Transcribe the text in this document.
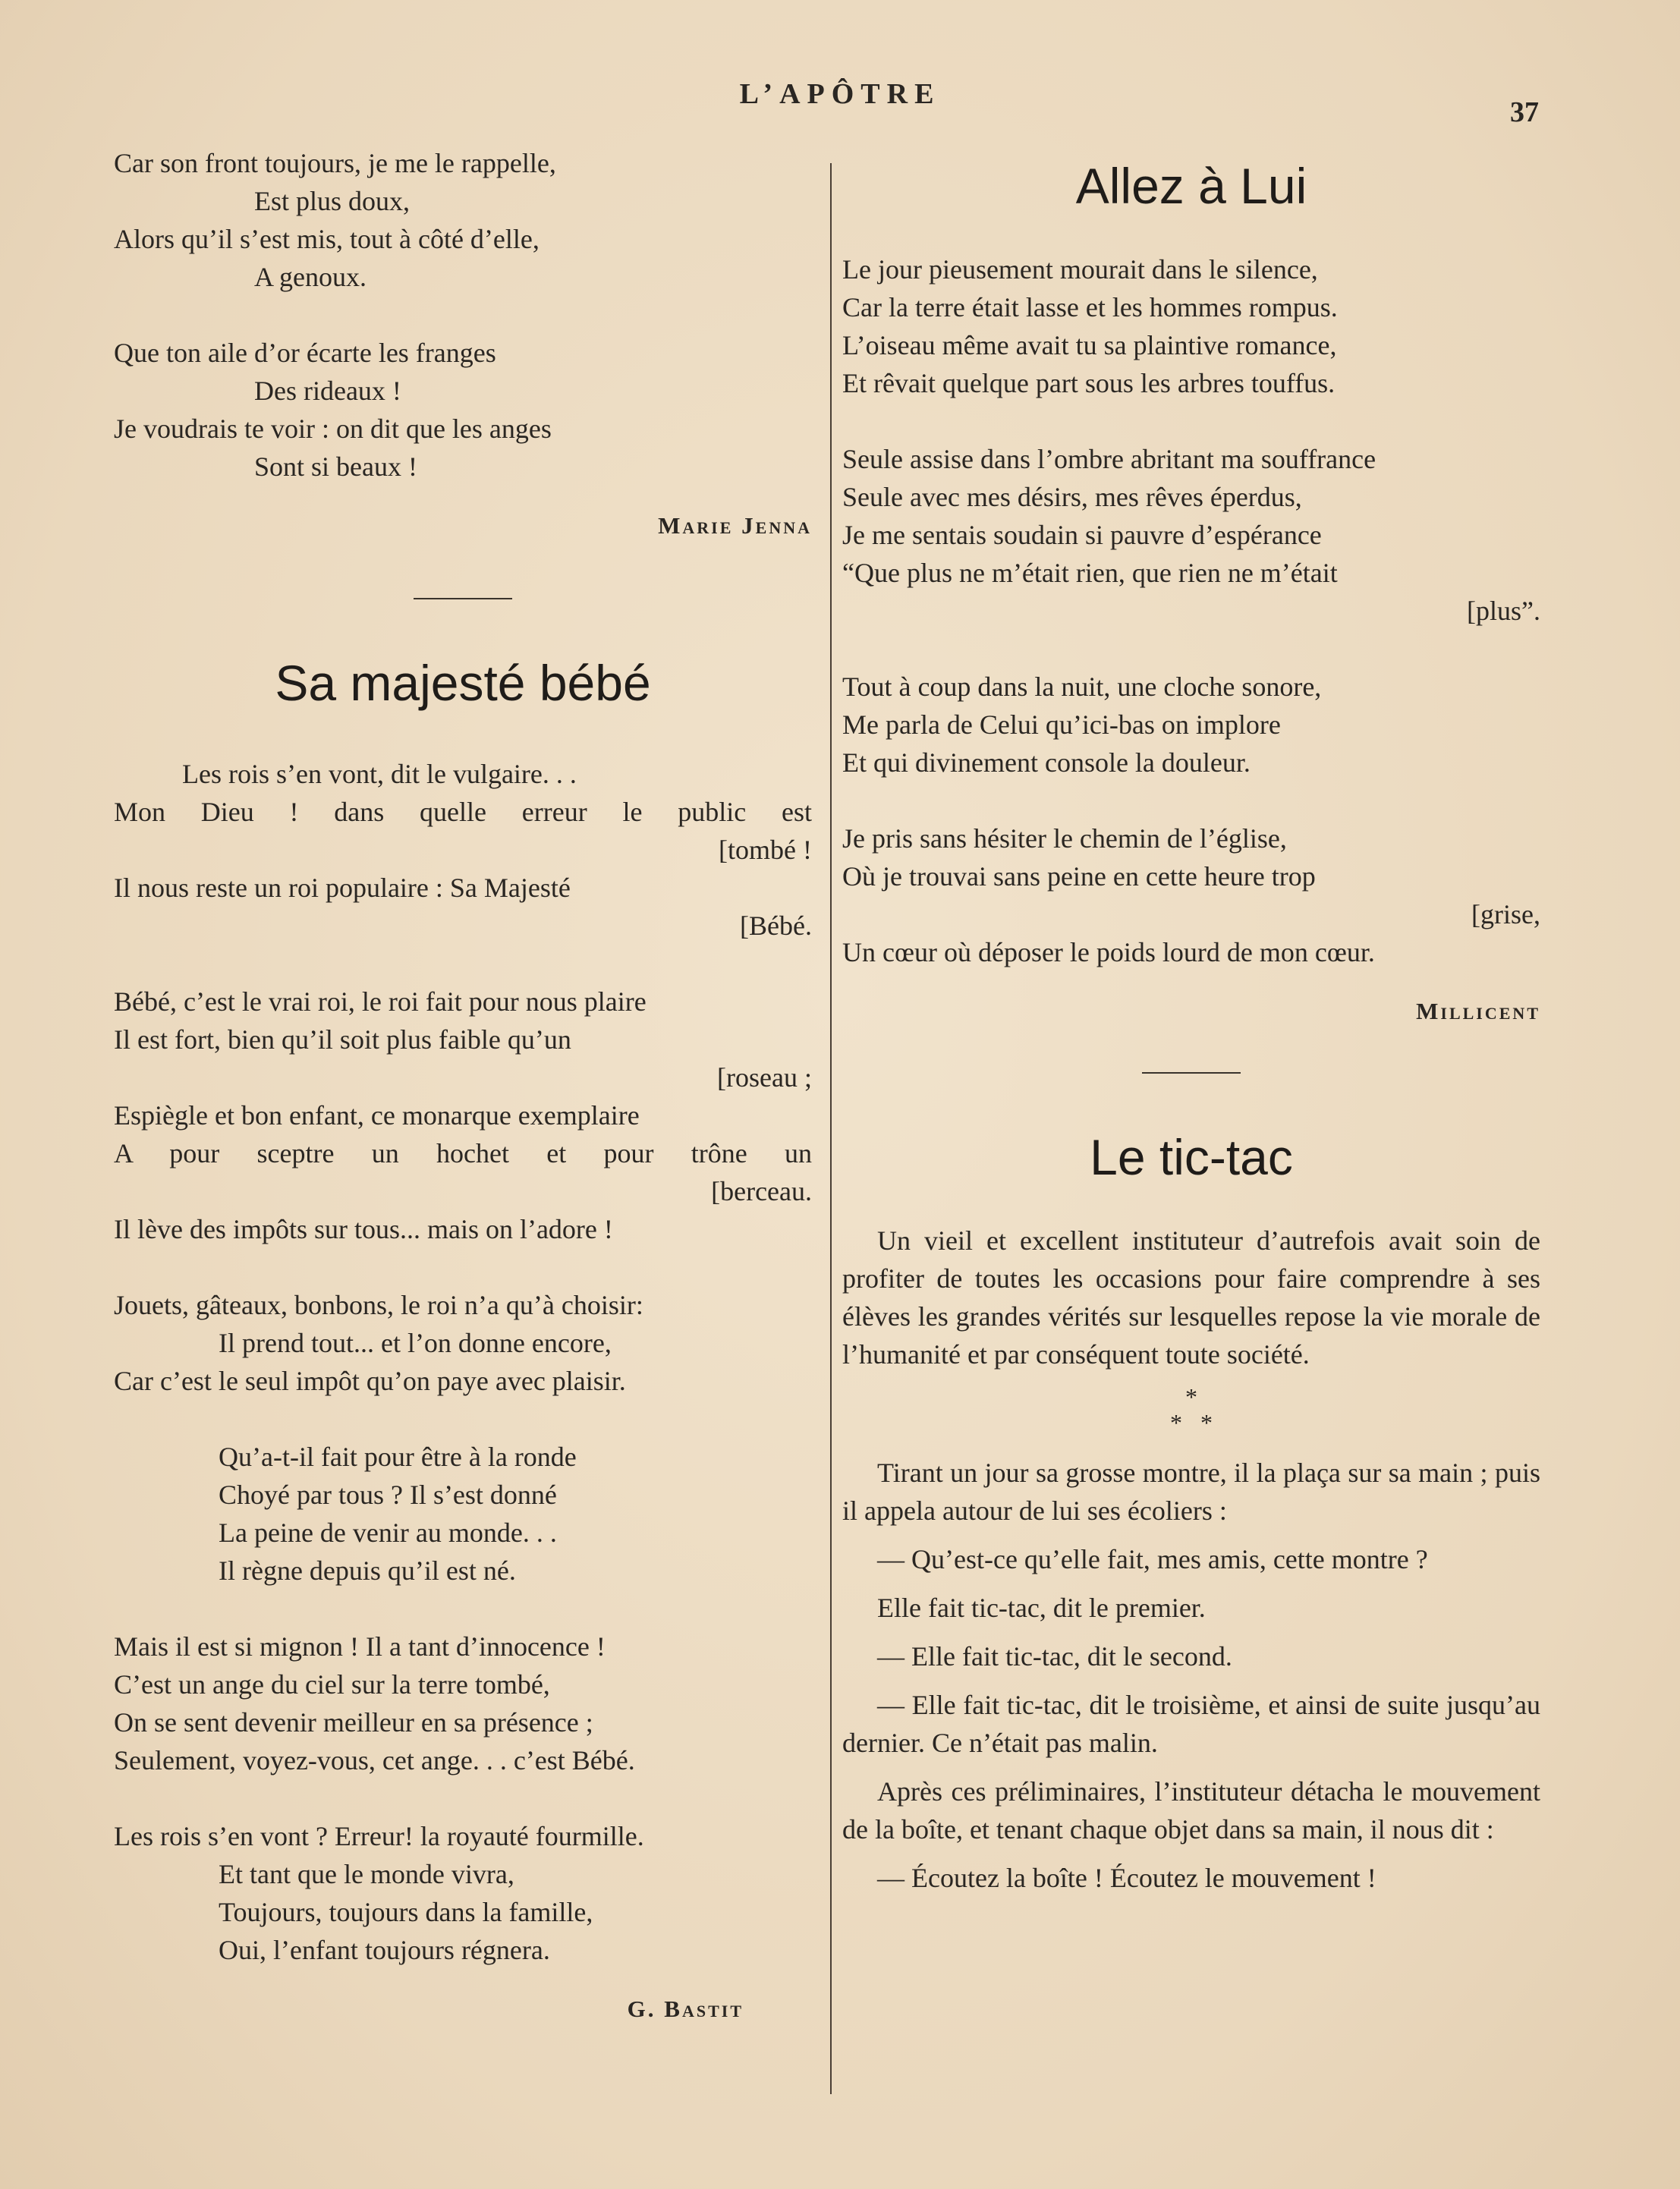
L’APÔTRE
37
Car son front toujours, je me le rappelle,
Est plus doux,
Alors qu’il s’est mis, tout à côté d’elle,
A genoux.
Que ton aile d’or écarte les franges
Des rideaux !
Je voudrais te voir : on dit que les anges
Sont si beaux !
Marie Jenna
Sa majesté bébé
Les rois s’en vont, dit le vulgaire. . .
Mon Dieu ! dans quelle erreur le public est
[tombé !
Il nous reste un roi populaire : Sa Majesté
[Bébé.
Bébé, c’est le vrai roi, le roi fait pour nous plaire
Il est fort, bien qu’il soit plus faible qu’un
[roseau ;
Espiègle et bon enfant, ce monarque exemplaire
A pour sceptre un hochet et pour trône un
[berceau.
Il lève des impôts sur tous... mais on l’adore !
Jouets, gâteaux, bonbons, le roi n’a qu’à choisir:
Il prend tout... et l’on donne encore,
Car c’est le seul impôt qu’on paye avec plaisir.
Qu’a-t-il fait pour être à la ronde
Choyé par tous ? Il s’est donné
La peine de venir au monde. . .
Il règne depuis qu’il est né.
Mais il est si mignon ! Il a tant d’innocence !
C’est un ange du ciel sur la terre tombé,
On se sent devenir meilleur en sa présence ;
Seulement, voyez-vous, cet ange. . . c’est Bébé.
Les rois s’en vont ? Erreur! la royauté fourmille.
Et tant que le monde vivra,
Toujours, toujours dans la famille,
Oui, l’enfant toujours régnera.
G. Bastit
Allez à Lui
Le jour pieusement mourait dans le silence,
Car la terre était lasse et les hommes rompus.
L’oiseau même avait tu sa plaintive romance,
Et rêvait quelque part sous les arbres touffus.
Seule assise dans l’ombre abritant ma souffrance
Seule avec mes désirs, mes rêves éperdus,
Je me sentais soudain si pauvre d’espérance
“Que plus ne m’était rien, que rien ne m’était
[plus”.
Tout à coup dans la nuit, une cloche sonore,
Me parla de Celui qu’ici-bas on implore
Et qui divinement console la douleur.
Je pris sans hésiter le chemin de l’église,
Où je trouvai sans peine en cette heure trop
[grise,
Un cœur où déposer le poids lourd de mon cœur.
Millicent
Le tic-tac

Un vieil et excellent instituteur d’autrefois avait soin de profiter de toutes les occasions pour faire comprendre à ses élèves les grandes vérités sur lesquelles repose la vie morale de l’humanité et par conséquent toute société.

*
*   *

Tirant un jour sa grosse montre, il la plaça sur sa main ; puis il appela autour de lui ses écoliers :

— Qu’est-ce qu’elle fait, mes amis, cette montre ?

Elle fait tic-tac, dit le premier.

— Elle fait tic-tac, dit le second.

— Elle fait tic-tac, dit le troisième, et ainsi de suite jusqu’au dernier. Ce n’était pas malin.

Après ces préliminaires, l’instituteur détacha le mouvement de la boîte, et tenant chaque objet dans sa main, il nous dit :

— Écoutez la boîte ! Écoutez le mouvement !
